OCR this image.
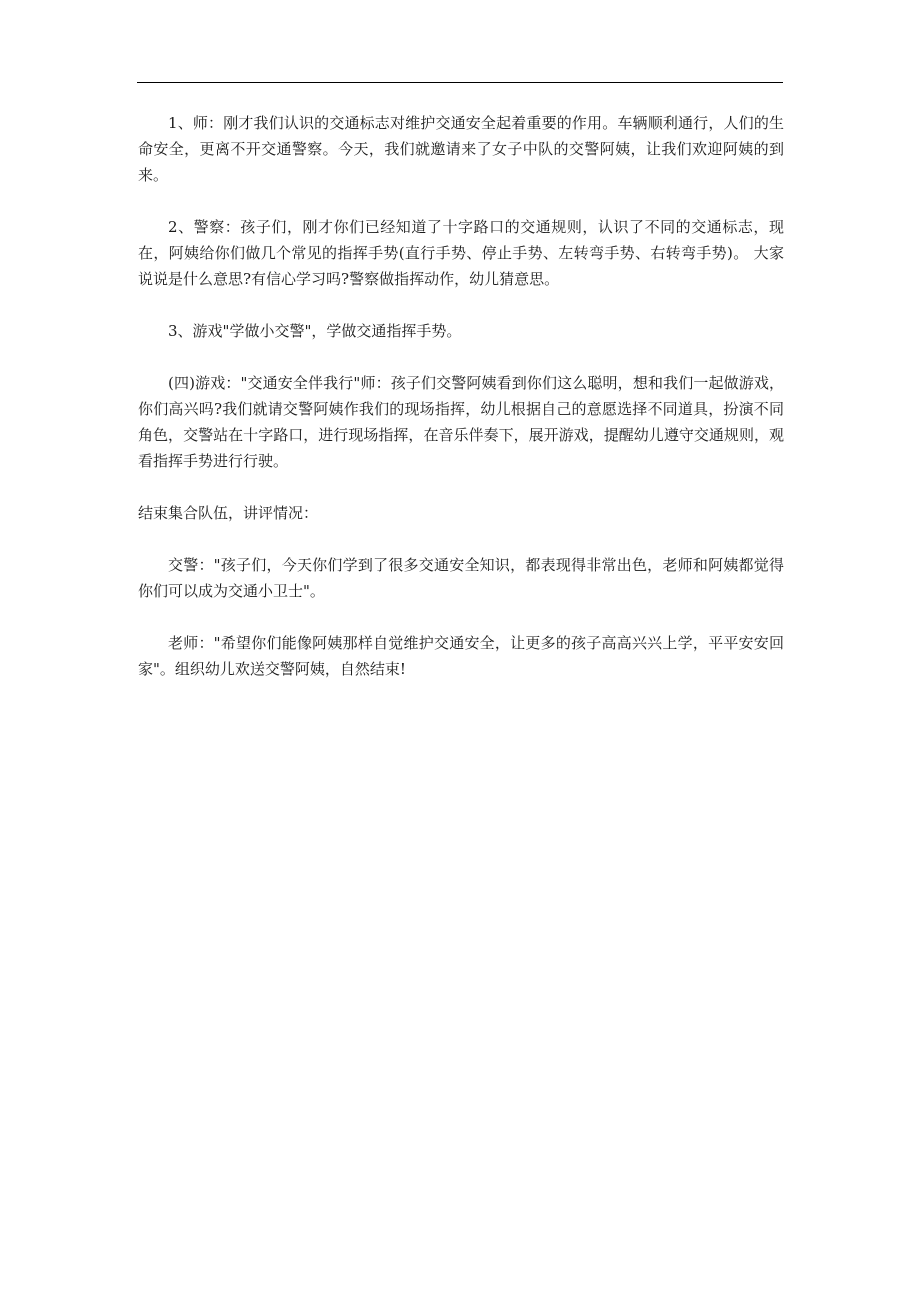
1、师：刚才我们认识的交通标志对维护交通安全起着重要的作用。车辆顺利通行，人们的生命安全，更离不开交通警察。今天，我们就邀请来了女子中队的交警阿姨，让我们欢迎阿姨的到来。

2、警察：孩子们，刚才你们已经知道了十字路口的交通规则，认识了不同的交通标志，现在，阿姨给你们做几个常见的指挥手势(直行手势、停止手势、左转弯手势、右转弯手势)。 大家说说是什么意思?有信心学习吗?警察做指挥动作，幼儿猜意思。

3、游戏"学做小交警"，学做交通指挥手势。

(四)游戏："交通安全伴我行"师：孩子们交警阿姨看到你们这么聪明，想和我们一起做游戏，你们高兴吗?我们就请交警阿姨作我们的现场指挥，幼儿根据自己的意愿选择不同道具，扮演不同角色，交警站在十字路口，进行现场指挥，在音乐伴奏下，展开游戏，提醒幼儿遵守交通规则，观看指挥手势进行行驶。

结束集合队伍，讲评情况：

交警："孩子们，今天你们学到了很多交通安全知识，都表现得非常出色，老师和阿姨都觉得你们可以成为交通小卫士"。

老师："希望你们能像阿姨那样自觉维护交通安全，让更多的孩子高高兴兴上学，平平安安回家"。组织幼儿欢送交警阿姨，自然结束!
